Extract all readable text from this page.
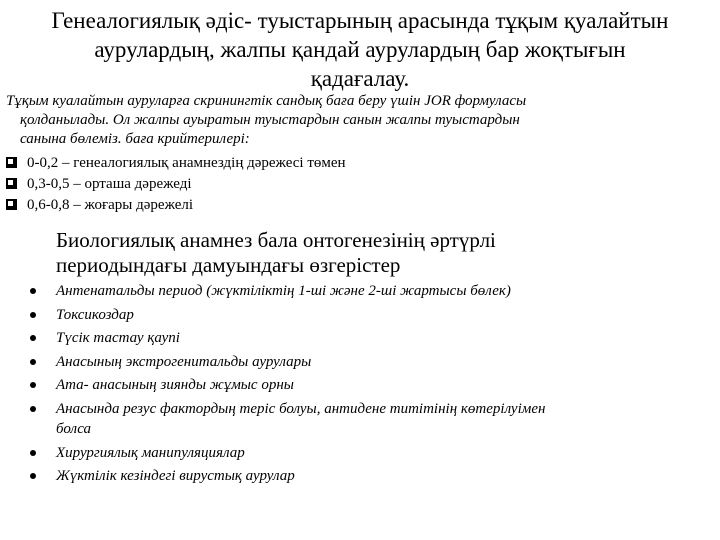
Генеалогиялық әдіс- туыстарының арасында тұқым қуалайтын
аурулардың, жалпы қандай аурулардың бар жоқтығын
қадағалау.
Тұқым куалайтын ауруларға скринингтік сандық баға беру үшін JOR формуласы
қолданылады. Ол жалпы ауыратын туыстардын санын жалпы туыстардын
санына бөлеміз. баға крийтерилері:
0-0,2 – генеалогиялық анамнездің дәрежесі төмен
0,3-0,5 – орташа дәрежеді
0,6-0,8 – жоғары дәрежелі
Биологиялық анамнез бала онтогенезінің әртүрлі
периодындағы дамуындағы өзгерістер
Антенатальды период (жүктіліктің 1-ші және 2-ші жартысы бөлек)
Токсикоздар
Түсік тастау қаупі
Анасының экстрогенитальды аурулары
Ата- анасының зиянды жұмыс орны
Анасында резус фактордың теріс болуы, антидене титітінің көтерілуімен
болса
Хирургиялық манипуляциялар
Жүктілік кезіндегі вирустық аурулар
